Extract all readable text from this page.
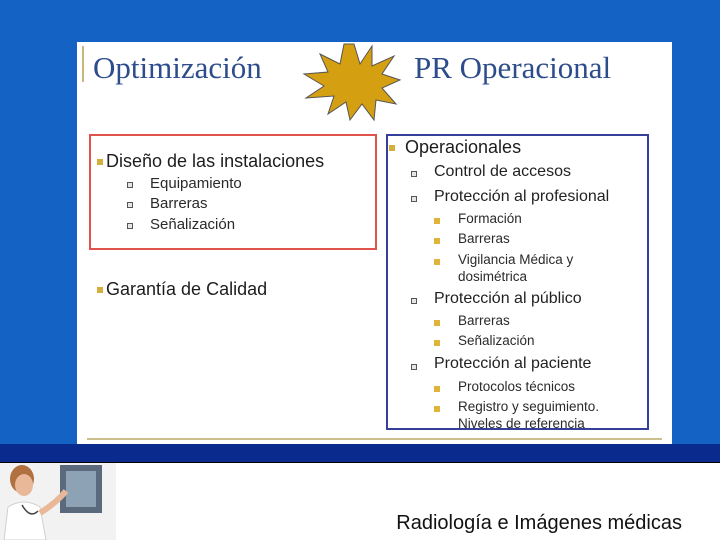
Optimización	PR Operacional
Diseño de las instalaciones
Equipamiento
Barreras
Señalización
Garantía de Calidad
Operacionales
Control de accesos
Protección al profesional
Formación
Barreras
Vigilancia Médica y
dosimétrica
Protección al público
Barreras
Señalización
Protección al paciente
Protocolos técnicos
Registro y seguimiento.
Niveles de referencia
Radiología e Imágenes médicas
